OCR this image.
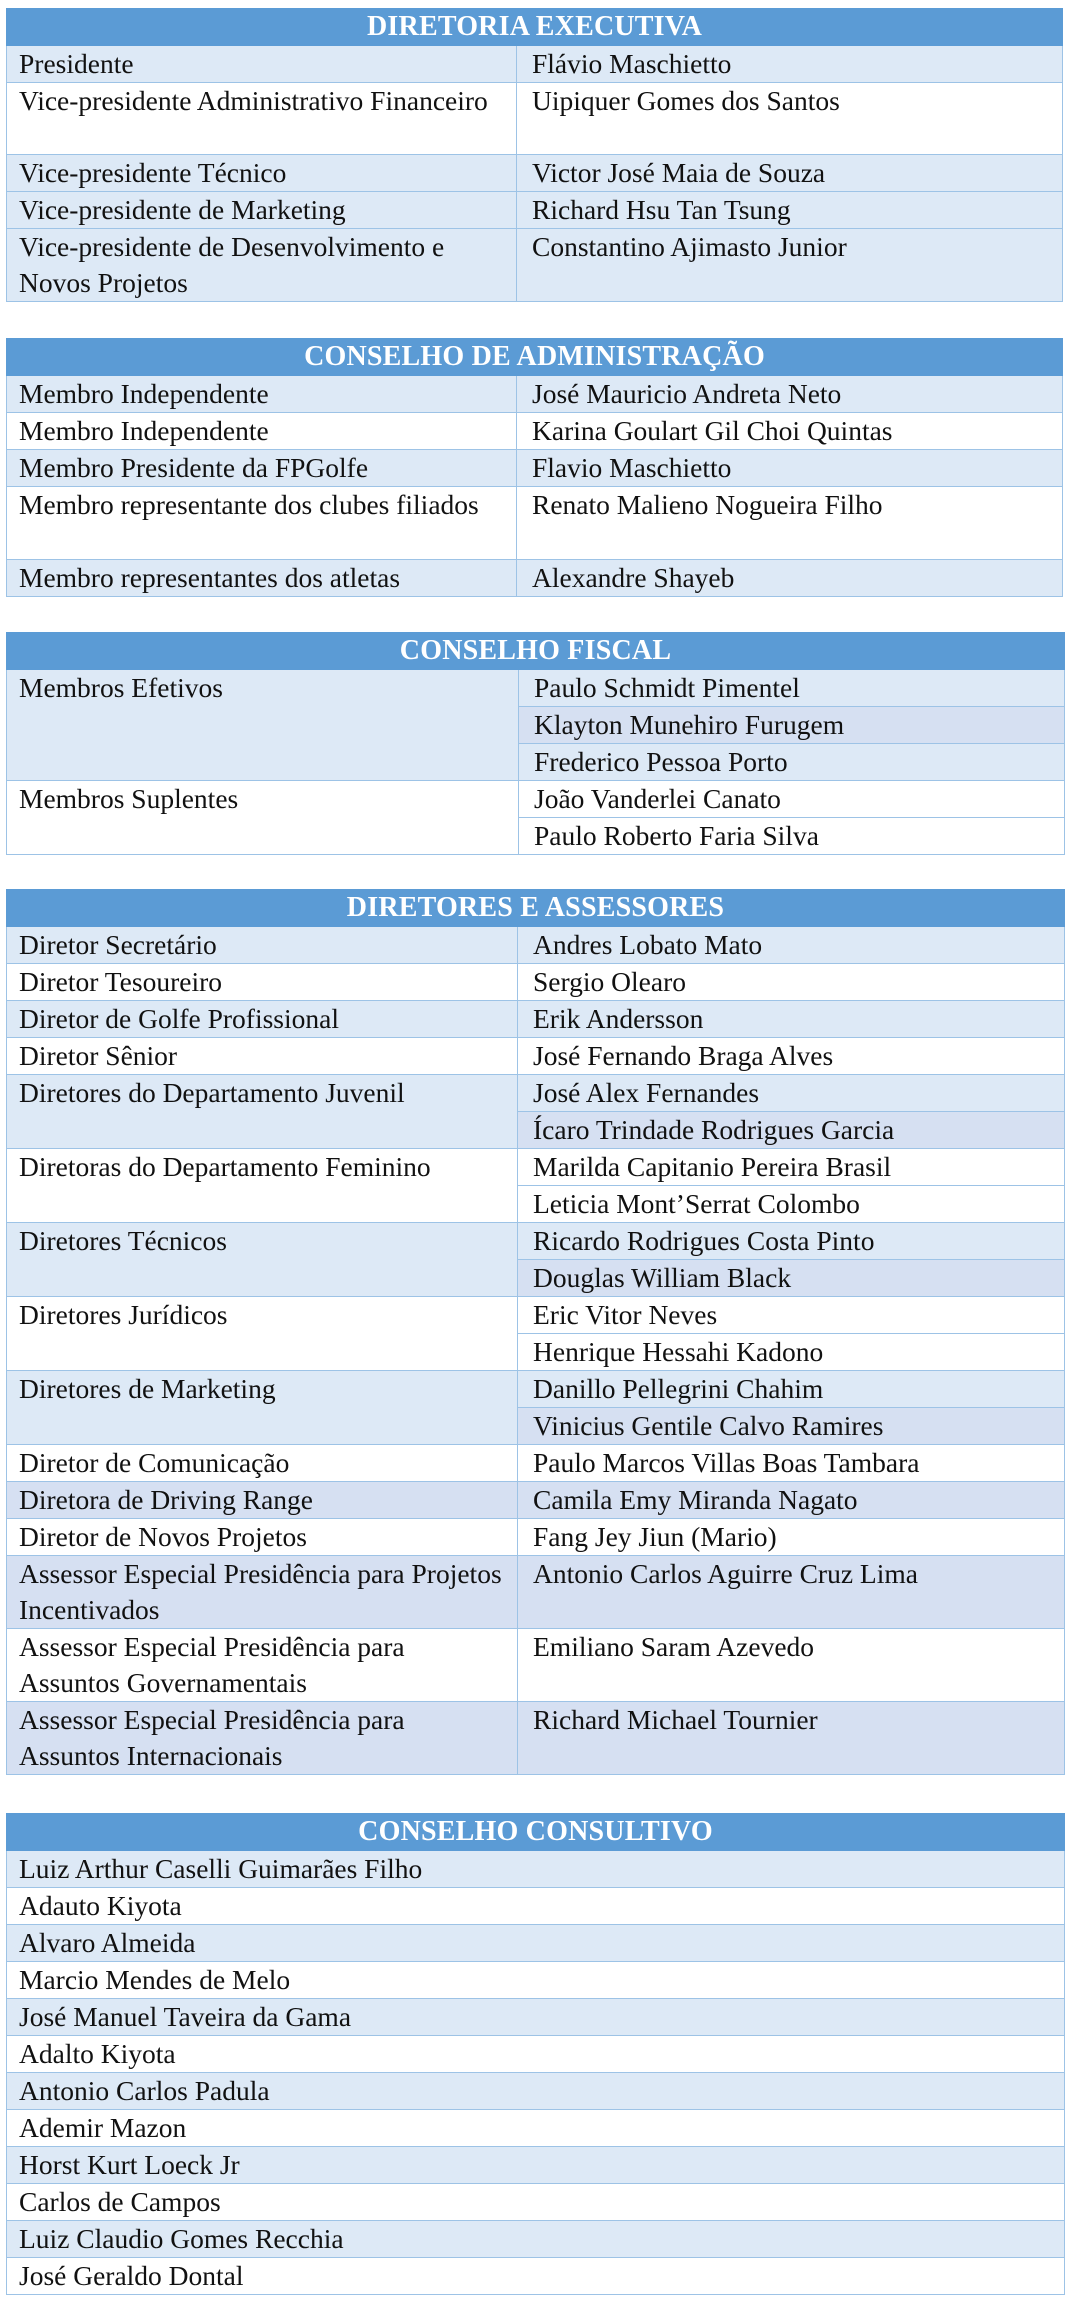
DIRETORIA EXECUTIVA	
Presidente	Flávio Maschietto
Vice-presidente Administrativo Financeiro	Uipiquer Gomes dos Santos
Vice-presidente Técnico	Victor José Maia de Souza
Vice-presidente de Marketing	Richard Hsu Tan Tsung
Vice-presidente de Desenvolvimento e Novos Projetos	Constantino Ajimasto Junior
CONSELHO DE ADMINISTRAÇÃO	
Membro Independente	José Mauricio Andreta Neto
Membro Independente	Karina Goulart Gil Choi Quintas
Membro Presidente da FPGolfe	Flavio Maschietto
Membro representante dos clubes filiados	Renato Malieno Nogueira Filho
Membro representantes dos atletas	Alexandre Shayeb
CONSELHO FISCAL	
Membros Efetivos	Paulo Schmidt Pimentel
	Klayton Munehiro Furugem
	Frederico Pessoa Porto
Membros Suplentes	João Vanderlei Canato
	Paulo Roberto Faria Silva
DIRETORES E ASSESSORES	
Diretor Secretário	Andres Lobato Mato
Diretor Tesoureiro	Sergio Olearo
Diretor de Golfe Profissional	Erik Andersson
Diretor Sênior	José Fernando Braga Alves
Diretores do Departamento Juvenil	José Alex Fernandes
	Ícaro Trindade Rodrigues Garcia
Diretoras do Departamento Feminino	Marilda Capitanio Pereira Brasil
	Leticia Mont’Serrat Colombo
Diretores Técnicos	Ricardo Rodrigues Costa Pinto
	Douglas William Black
Diretores Jurídicos	Eric Vitor Neves
	Henrique Hessahi Kadono
Diretores de Marketing	Danillo Pellegrini Chahim
	Vinicius Gentile Calvo Ramires
Diretor de Comunicação	Paulo Marcos Villas Boas Tambara
Diretora de Driving Range	Camila Emy Miranda Nagato
Diretor de Novos Projetos	Fang Jey Jiun (Mario)
Assessor Especial Presidência para Projetos Incentivados	Antonio Carlos Aguirre Cruz Lima
Assessor Especial Presidência para Assuntos Governamentais	Emiliano Saram Azevedo
Assessor Especial Presidência para Assuntos Internacionais	Richard Michael Tournier
CONSELHO CONSULTIVO
Luiz Arthur Caselli Guimarães Filho
Adauto Kiyota
Alvaro Almeida
Marcio Mendes de Melo
José Manuel Taveira da Gama
Adalto Kiyota
Antonio Carlos Padula
Ademir Mazon
Horst Kurt Loeck Jr
Carlos de Campos
Luiz Claudio Gomes Recchia
José Geraldo Dontal
